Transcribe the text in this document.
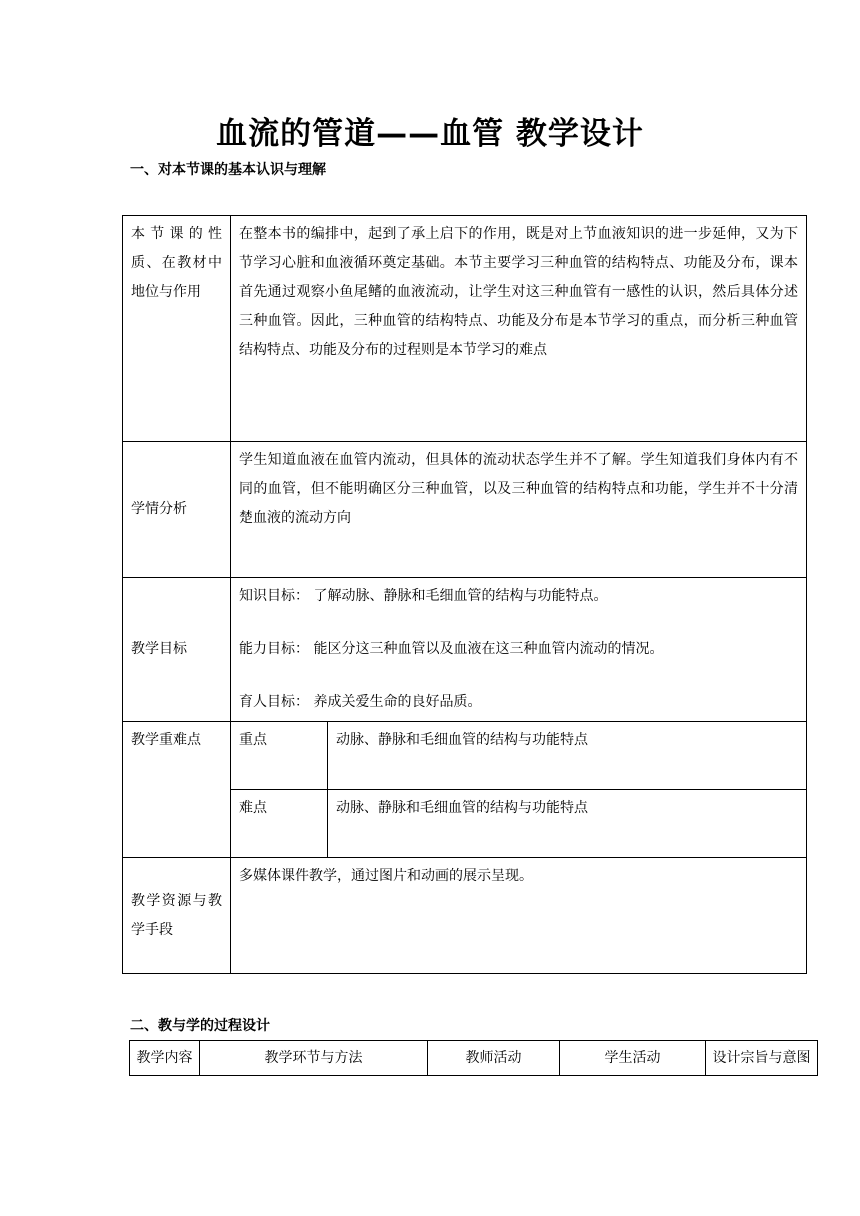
血流的管道——血管 教学设计
一、对本节课的基本认识与理解
本节课的性质、在教材中地位与作用	在整本书的编排中，起到了承上启下的作用，既是对上节血液知识的进一步延伸，又为下节学习心脏和血液循环奠定基础。本节主要学习三种血管的结构特点、功能及分布，课本首先通过观察小鱼尾鳍的血液流动，让学生对这三种血管有一感性的认识，然后具体分述三种血管。因此，三种血管的结构特点、功能及分布是本节学习的重点，而分析三种血管结构特点、功能及分布的过程则是本节学习的难点	
学情分析	学生知道血液在血管内流动，但具体的流动状态学生并不了解。学生知道我们身体内有不同的血管，但不能明确区分三种血管，以及三种血管的结构特点和功能，学生并不十分清楚血液的流动方向	
教学目标	知识目标： 了解动脉、静脉和毛细血管的结构与功能特点。
能力目标： 能区分这三种血管以及血液在这三种血管内流动的情况。
育人目标： 养成关爱生命的良好品质。	

教学重难点	重点	动脉、静脉和毛细血管的结构与功能特点
	难点	动脉、静脉和毛细血管的结构与功能特点
教学资源与教学手段	多媒体课件教学，通过图片和动画的展示呈现。	
二、教与学的过程设计
教学内容	教学环节与方法	教师活动	学生活动	设计宗旨与意图
